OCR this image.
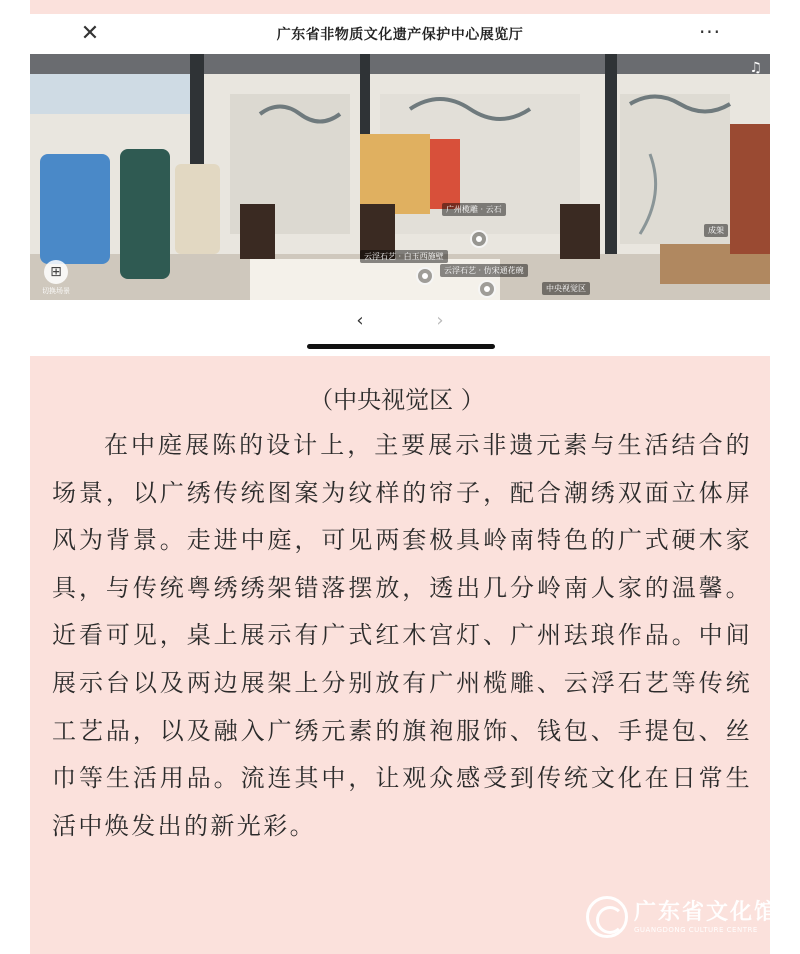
✕	广东省非物质文化遗产保护中心展览厅	···
广州榄雕 · 云石
云浮石艺 · 白玉西施壁
云浮石艺 · 仿宋通花碗
中央视觉区
成架
⊞
切换场景
♫
‹	›
（中央视觉区 ）

在中庭展陈的设计上，主要展示非遗元素与生活结合的场景，以广绣传统图案为纹样的帘子，配合潮绣双面立体屏风为背景。走进中庭，可见两套极具岭南特色的广式硬木家具，与传统粤绣绣架错落摆放，透出几分岭南人家的温馨。近看可见，桌上展示有广式红木宫灯、广州珐琅作品。中间展示台以及两边展架上分别放有广州榄雕、云浮石艺等传统工艺品，以及融入广绣元素的旗袍服饰、钱包、手提包、丝巾等生活用品。流连其中，让观众感受到传统文化在日常生活中焕发出的新光彩。

广东省文化馆
GUANGDONG CULTURE CENTRE
